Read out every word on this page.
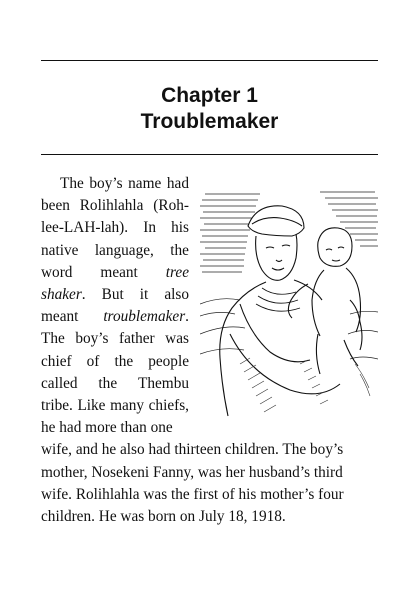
Chapter 1
Troublemaker
The boy’s name had
been Rolihlahla (Roh-
lee-LAH-lah). In his
native language, the
word meant tree
shaker. But it also
meant troublemaker.
The boy’s father was
chief of the people
called the Thembu
tribe. Like many chiefs,
he had more than one
wife, and he also had thirteen children. The boy’s
mother, Nosekeni Fanny, was her husband’s third
wife. Rolihlahla was the first of his mother’s four
children. He was born on July 18, 1918.
